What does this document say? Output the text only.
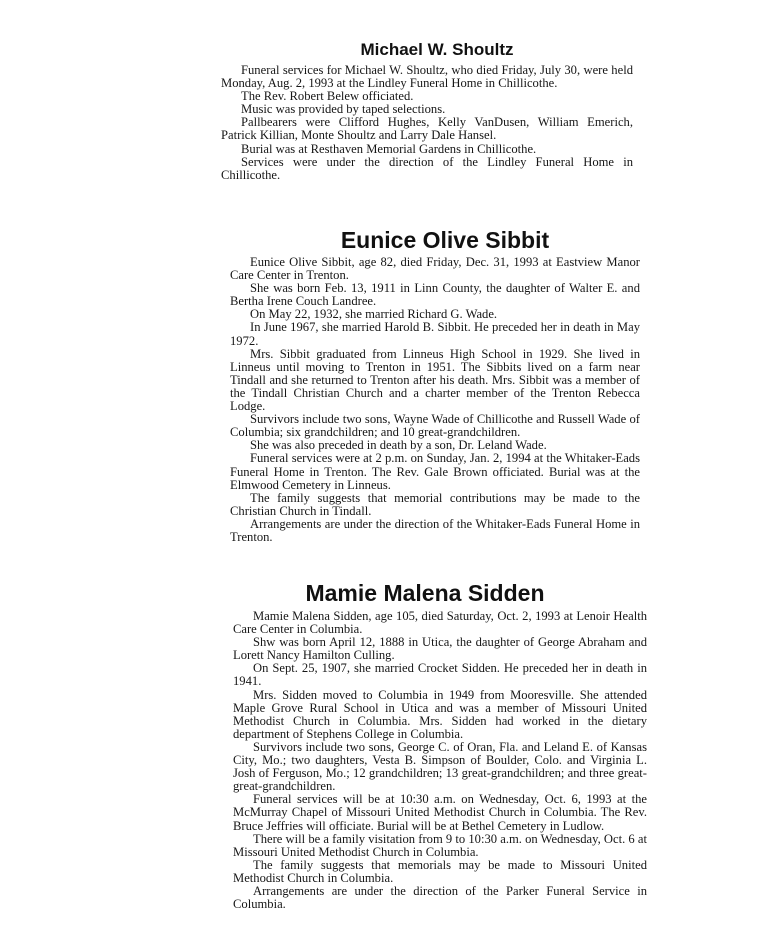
Michael W. Shoultz

Funeral services for Michael W. Shoultz, who died Friday, July 30, were held Monday, Aug. 2, 1993 at the Lindley Funeral Home in Chillicothe.

The Rev. Robert Belew officiated.

Music was provided by taped selections.

Pallbearers were Clifford Hughes, Kelly VanDusen, William Emerich, Patrick Killian, Monte Shoultz and Larry Dale Hansel.

Burial was at Resthaven Memorial Gardens in Chillicothe.

Services were under the direction of the Lindley Funeral Home in Chillicothe.

Eunice Olive Sibbit

Eunice Olive Sibbit, age 82, died Friday, Dec. 31, 1993 at Eastview Manor Care Center in Trenton.

She was born Feb. 13, 1911 in Linn County, the daughter of Walter E. and Bertha Irene Couch Landree.

On May 22, 1932, she married Richard G. Wade.

In June 1967, she married Harold B. Sibbit. He preceded her in death in May 1972.

Mrs. Sibbit graduated from Linneus High School in 1929. She lived in Linneus until moving to Trenton in 1951. The Sibbits lived on a farm near Tindall and she returned to Trenton after his death. Mrs. Sibbit was a member of the Tindall Christian Church and a charter member of the Trenton Rebecca Lodge.

Survivors include two sons, Wayne Wade of Chillicothe and Russell Wade of Columbia; six grandchildren; and 10 great-grandchildren.

She was also preceded in death by a son, Dr. Leland Wade.

Funeral services were at 2 p.m. on Sunday, Jan. 2, 1994 at the Whitaker-Eads Funeral Home in Trenton. The Rev. Gale Brown officiated. Burial was at the Elmwood Cemetery in Linneus.

The family suggests that memorial contributions may be made to the Christian Church in Tindall.

Arrangements are under the direction of the Whitaker-Eads Funeral Home in Trenton.

Mamie Malena Sidden

Mamie Malena Sidden, age 105, died Saturday, Oct. 2, 1993 at Lenoir Health Care Center in Columbia.

Shw was born April 12, 1888 in Utica, the daughter of George Abraham and Lorett Nancy Hamilton Culling.

On Sept. 25, 1907, she married Crocket Sidden. He preceded her in death in 1941.

Mrs. Sidden moved to Columbia in 1949 from Mooresville. She attended Maple Grove Rural School in Utica and was a member of Missouri United Methodist Church in Columbia. Mrs. Sidden had worked in the dietary department of Stephens College in Columbia.

Survivors include two sons, George C. of Oran, Fla. and Leland E. of Kansas City, Mo.; two daughters, Vesta B. Simpson of Boulder, Colo. and Virginia L. Josh of Ferguson, Mo.; 12 grandchildren; 13 great-grandchildren; and three great-great-grandchildren.

Funeral services will be at 10:30 a.m. on Wednesday, Oct. 6, 1993 at the McMurray Chapel of Missouri United Methodist Church in Columbia. The Rev. Bruce Jeffries will officiate. Burial will be at Bethel Cemetery in Ludlow.

There will be a family visitation from 9 to 10:30 a.m. on Wednesday, Oct. 6 at Missouri United Methodist Church in Columbia.

The family suggests that memorials may be made to Missouri United Methodist Church in Columbia.

Arrangements are under the direction of the Parker Funeral Service in Columbia.
